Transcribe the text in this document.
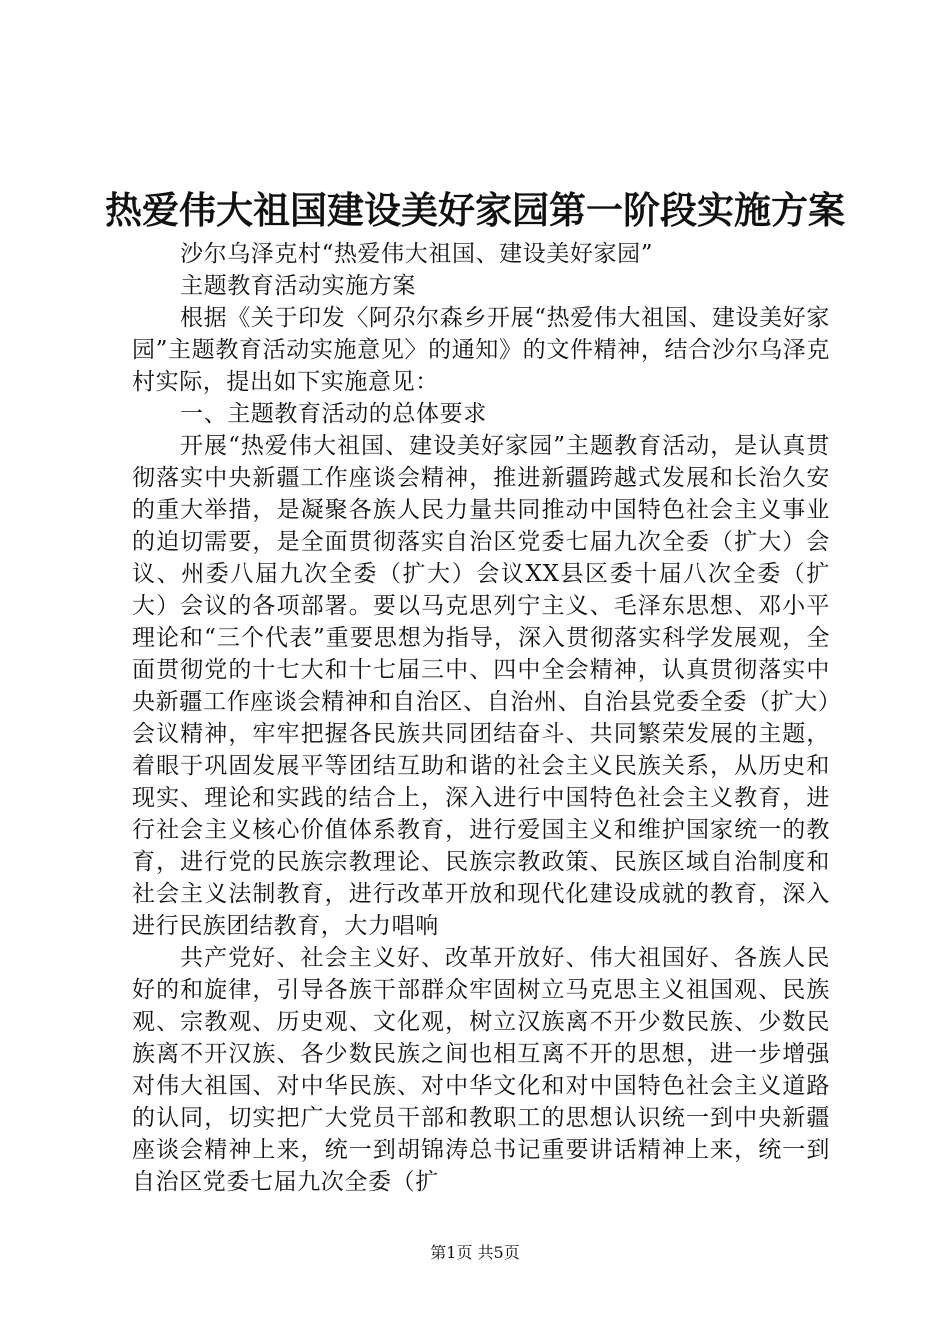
热爱伟大祖国建设美好家园第一阶段实施方案

沙尔乌泽克村“热爱伟大祖国、建设美好家园”

主题教育活动实施方案

根据《关于印发〈阿尕尔森乡开展“热爱伟大祖国、建设美好家园”主题教育活动实施意见〉的通知》的文件精神，结合沙尔乌泽克村实际，提出如下实施意见：

一、主题教育活动的总体要求

开展“热爱伟大祖国、建设美好家园”主题教育活动，是认真贯彻落实中央新疆工作座谈会精神，推进新疆跨越式发展和长治久安的重大举措，是凝聚各族人民力量共同推动中国特色社会主义事业的迫切需要，是全面贯彻落实自治区党委七届九次全委（扩大）会议、州委八届九次全委（扩大）会议XX县区委十届八次全委（扩大）会议的各项部署。要以马克思列宁主义、毛泽东思想、邓小平理论和“三个代表”重要思想为指导，深入贯彻落实科学发展观，全面贯彻党的十七大和十七届三中、四中全会精神，认真贯彻落实中央新疆工作座谈会精神和自治区、自治州、自治县党委全委（扩大）会议精神，牢牢把握各民族共同团结奋斗、共同繁荣发展的主题，着眼于巩固发展平等团结互助和谐的社会主义民族关系，从历史和现实、理论和实践的结合上，深入进行中国特色社会主义教育，进行社会主义核心价值体系教育，进行爱国主义和维护国家统一的教育，进行党的民族宗教理论、民族宗教政策、民族区域自治制度和社会主义法制教育，进行改革开放和现代化建设成就的教育，深入进行民族团结教育，大力唱响

共产党好、社会主义好、改革开放好、伟大祖国好、各族人民好的和旋律，引导各族干部群众牢固树立马克思主义祖国观、民族观、宗教观、历史观、文化观，树立汉族离不开少数民族、少数民族离不开汉族、各少数民族之间也相互离不开的思想，进一步增强对伟大祖国、对中华民族、对中华文化和对中国特色社会主义道路的认同，切实把广大党员干部和教职工的思想认识统一到中央新疆座谈会精神上来，统一到胡锦涛总书记重要讲话精神上来，统一到自治区党委七届九次全委（扩

第1页 共5页
